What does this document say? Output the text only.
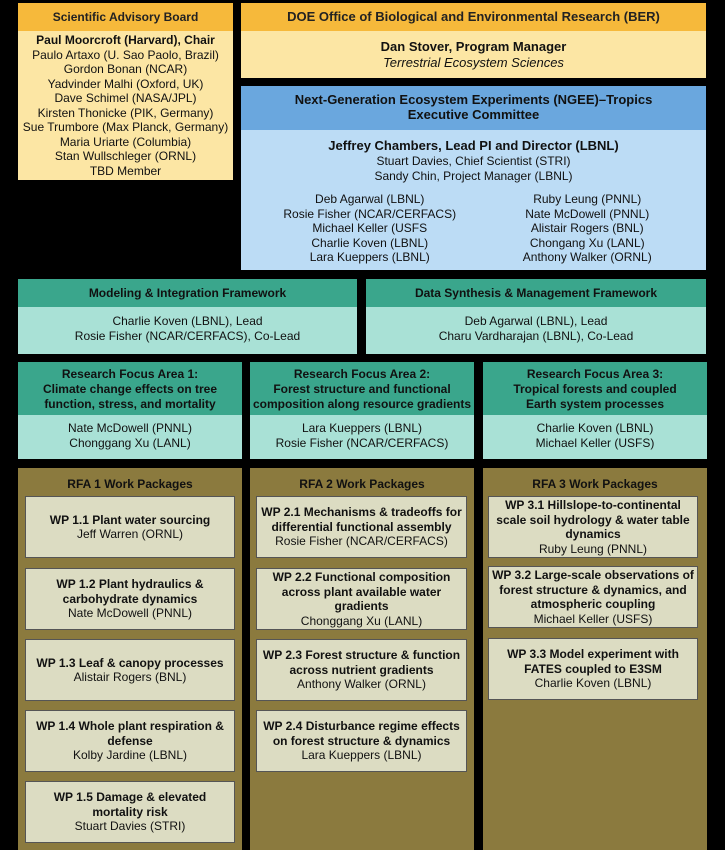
Scientific Advisory Board
Paul Moorcroft (Harvard), Chair
Paulo Artaxo (U. Sao Paolo, Brazil)
Gordon Bonan (NCAR)
Yadvinder Malhi (Oxford, UK)
Dave Schimel (NASA/JPL)
Kirsten Thonicke (PIK, Germany)
Sue Trumbore (Max Planck, Germany)
Maria Uriarte (Columbia)
Stan Wullschleger (ORNL)
TBD Member
DOE Office of Biological and Environmental Research (BER)
Dan Stover, Program Manager
Terrestrial Ecosystem Sciences
Next-Generation Ecosystem Experiments (NGEE)–Tropics
Executive Committee
Jeffrey Chambers, Lead PI and Director (LBNL)
Stuart Davies, Chief Scientist (STRI)
Sandy Chin, Project Manager (LBNL)
Deb Agarwal (LBNL)
Rosie Fisher (NCAR/CERFACS)
Michael Keller (USFS
Charlie Koven (LBNL)
Lara Kueppers (LBNL)
Ruby Leung (PNNL)
Nate McDowell (PNNL)
Alistair Rogers (BNL)
Chongang Xu (LANL)
Anthony Walker (ORNL)
Modeling & Integration Framework
Charlie Koven (LBNL), Lead
Rosie Fisher (NCAR/CERFACS), Co-Lead
Data Synthesis & Management Framework
Deb Agarwal (LBNL), Lead
Charu Vardharajan (LBNL), Co-Lead
Research Focus Area 1:
Climate change effects on tree
function, stress, and mortality
Nate McDowell (PNNL)
Chonggang Xu (LANL)
Research Focus Area 2:
Forest structure and functional
composition along resource gradients
Lara Kueppers (LBNL)
Rosie Fisher (NCAR/CERFACS)
Research Focus Area 3:
Tropical forests and coupled
Earth system processes
Charlie Koven (LBNL)
Michael Keller (USFS)
RFA 1 Work Packages
WP 1.1 Plant water sourcing
Jeff Warren (ORNL)
WP 1.2 Plant hydraulics &
carbohydrate dynamics
Nate McDowell (PNNL)
WP 1.3 Leaf & canopy processes
Alistair Rogers (BNL)
WP 1.4 Whole plant respiration &
defense
Kolby Jardine (LBNL)
WP 1.5 Damage & elevated
mortality risk
Stuart Davies (STRI)
RFA 2 Work Packages
WP 2.1 Mechanisms & tradeoffs for
differential functional assembly
Rosie Fisher (NCAR/CERFACS)
WP 2.2 Functional composition
across plant available water
gradients
Chonggang Xu (LANL)
WP 2.3 Forest structure & function
across nutrient gradients
Anthony Walker (ORNL)
WP 2.4 Disturbance regime effects
on forest structure & dynamics
Lara Kueppers (LBNL)
RFA 3 Work Packages
WP 3.1 Hillslope-to-continental
scale soil hydrology & water table
dynamics
Ruby Leung (PNNL)
WP 3.2 Large-scale observations of
forest structure & dynamics, and
atmospheric coupling
Michael Keller (USFS)
WP 3.3 Model experiment with
FATES coupled to E3SM
Charlie Koven (LBNL)
